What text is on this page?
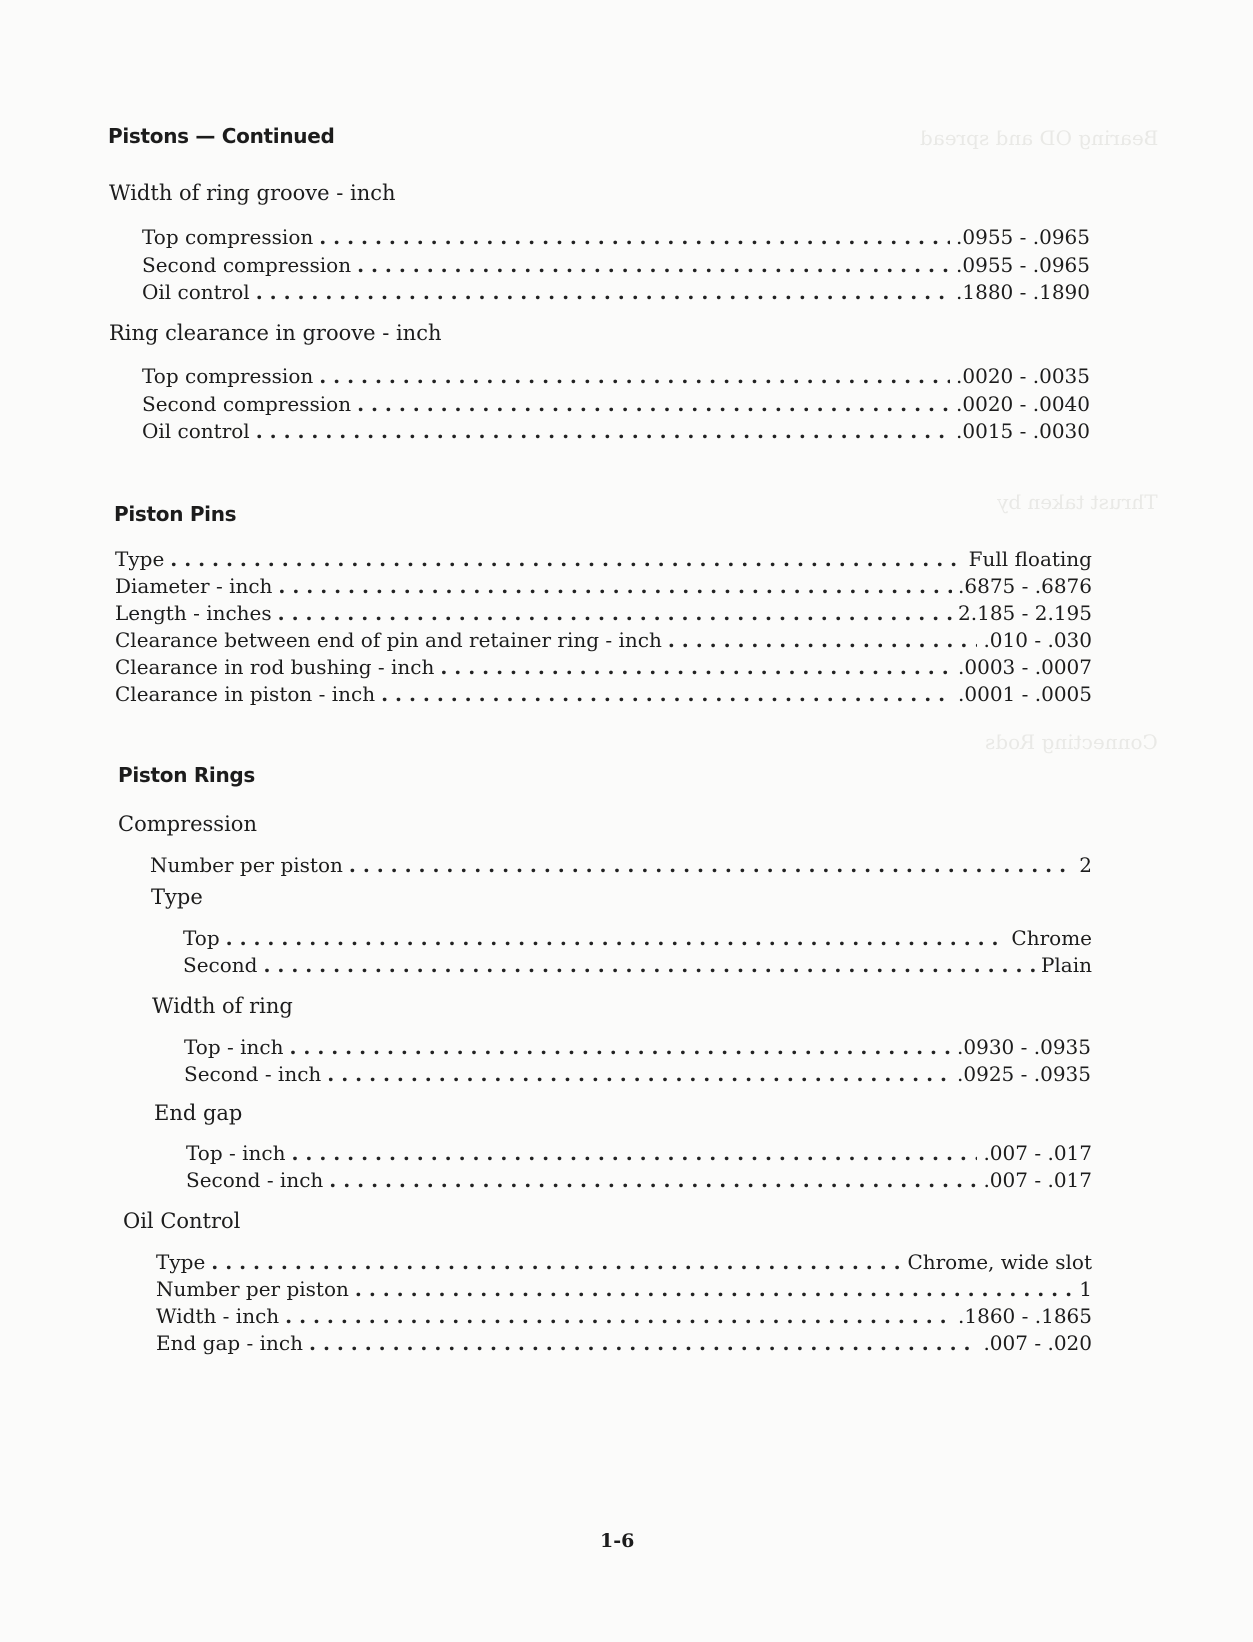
Bearing OD and spread
Thrust taken by
Connecting Rods
Pistons — Continued
Width of ring groove - inch
Top compression . . .	.0955 - .0965
Second compression . . .	.0955 - .0965
Oil control . . .	.1880 - .1890
Ring clearance in groove - inch
Top compression . . .	.0020 - .0035
Second compression . . .	.0020 - .0040
Oil control . . .	.0015 - .0030
Piston Pins
Type . . .	Full floating
Diameter - inch . . .	.6875 - .6876
Length - inches . . .	2.185 - 2.195
Clearance between end of pin and retainer ring - inch . . .	.010 - .030
Clearance in rod bushing - inch . . .	.0003 - .0007
Clearance in piston - inch . . .	.0001 - .0005
Piston Rings
Compression
Number per piston . . .	2
Type
Top . . .	Chrome
Second . . .	Plain
Width of ring
Top - inch . . .	.0930 - .0935
Second - inch . . .	.0925 - .0935
End gap
Top - inch . . .	.007 - .017
Second - inch . . .	.007 - .017
Oil Control
Type . . .	Chrome, wide slot
Number per piston . . .	1
Width - inch . . .	.1860 - .1865
End gap - inch . . .	.007 - .020
1-6
